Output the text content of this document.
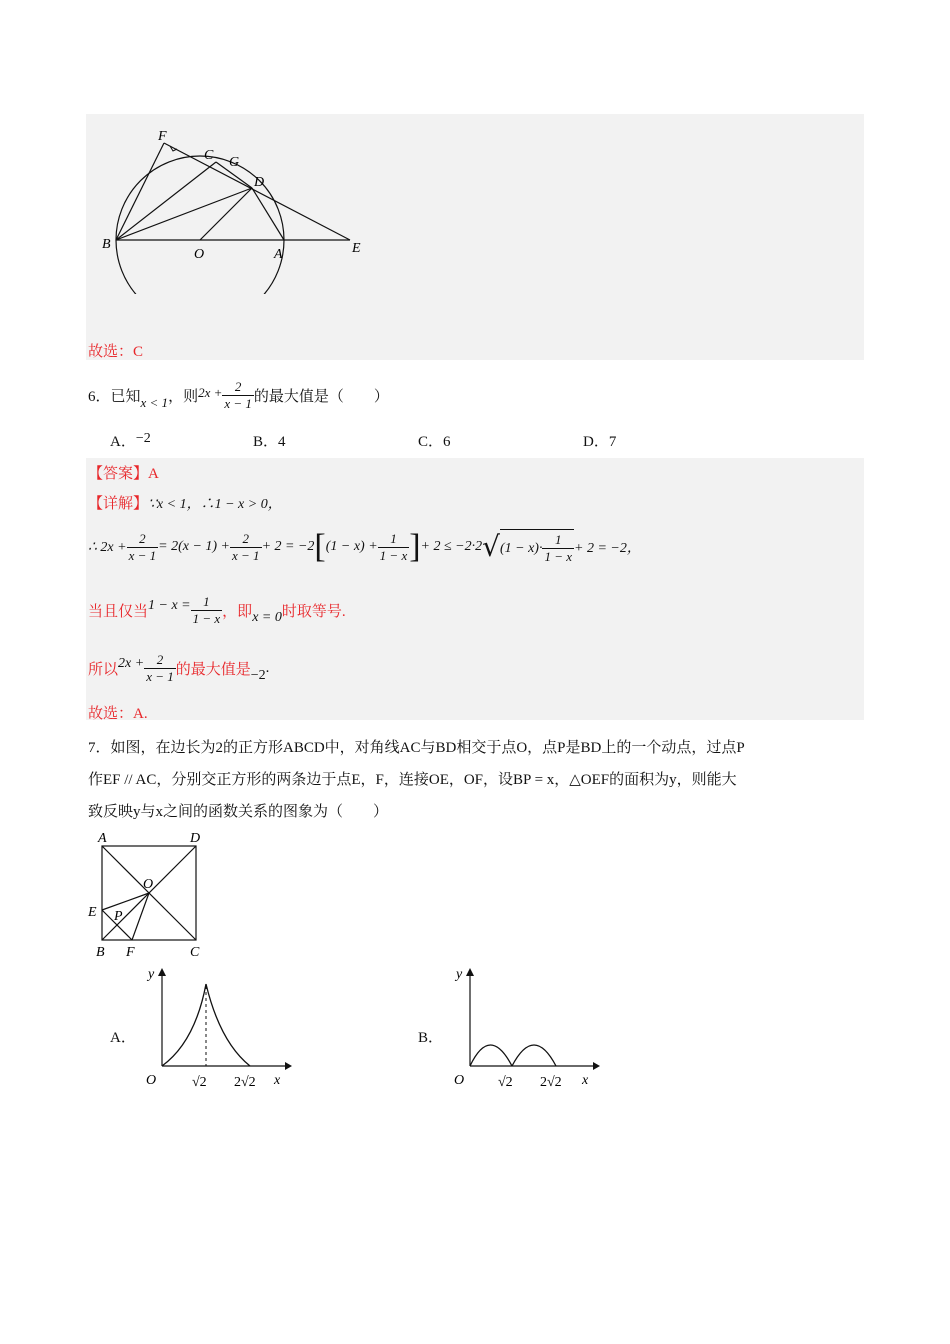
F
C G
D
B
O	A	E
故选：C
6．已知 x < 1 ，则 $2x + \frac{2}{x - 1}$ 的最大值是（　　）
A．−2	B．4	C．6	D．7
【答案】A
【详解】∵x < 1，∴1 − x > 0，
∴ $2x + \frac{2}{x - 1} = 2(x - 1) + \frac{2}{x - 1} + 2 = -2$ [ $(1 - x) + \frac{1}{1 - x}$ ] + 2 ≤ −2·2 √ $(1 - x)\cdot \frac{1}{1 - x} + 2 = -2$，
当且仅当 $1 - x = \frac{1}{1 - x}$ ，即 x = 0 时取等号.
所以 $2x + \frac{2}{x - 1}$ 的最大值是 −2 .
故选：A.
7．如图，在边长为2的正方形ABCD中，对角线AC与BD相交于点O，点P是BD上的一个动点，过点P
作EF // AC，分别交正方形的两条边于点E，F，连接OE，OF，设BP = x，△OEF的面积为y，则能大
致反映y与x之间的函数关系的图象为（　　）
A	D
O
E P
B F	C
A．
y
O	√2 2√2 x
B．
y
O √2 2√2 x
